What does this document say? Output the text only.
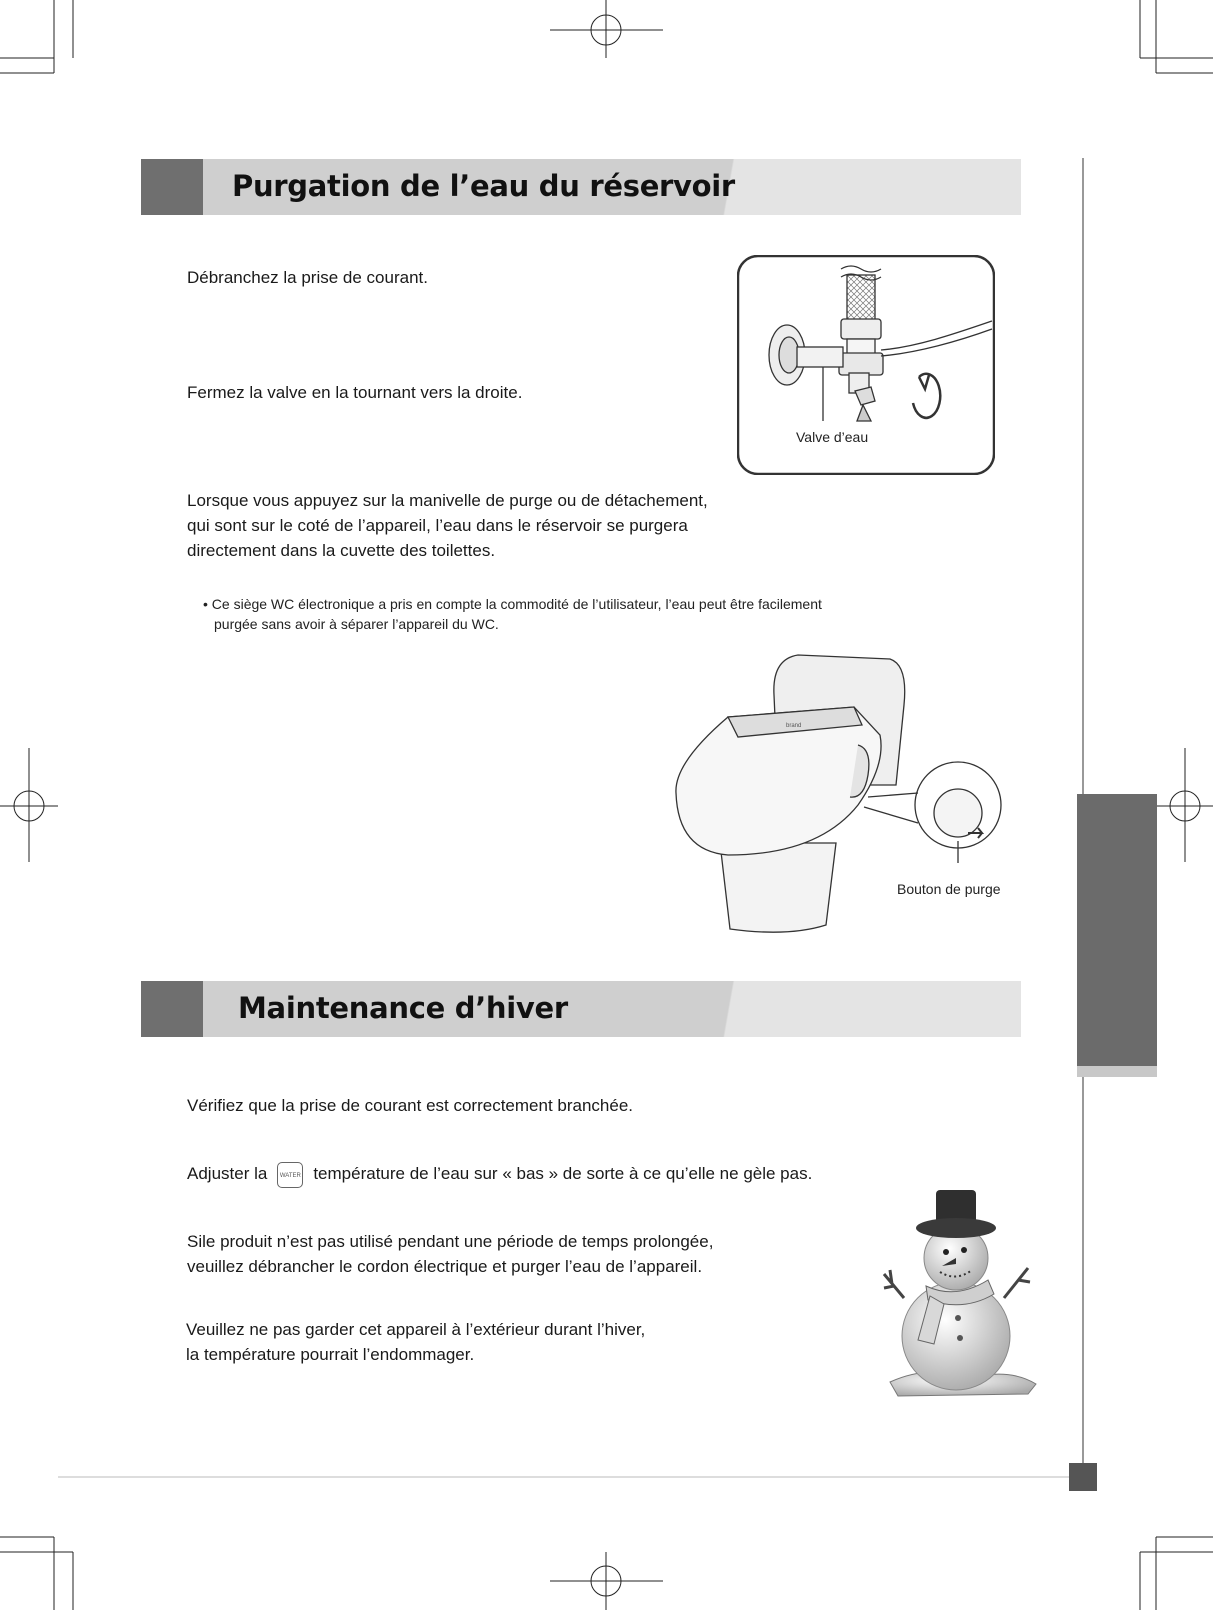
Purgation de l’eau du réservoir

Débranchez la prise de courant.

Fermez la valve en la tournant vers la droite.

Lorsque vous appuyez sur la manivelle de purge ou de détachement,
qui sont sur le coté de l’appareil, l’eau dans le réservoir se purgera
directement dans la cuvette des toilettes.
• Ce siège WC électronique a pris en compte la commodité de l’utilisateur, l’eau peut être facilement
purgée sans avoir à séparer l’appareil du WC.
Valve d’eau
brand
Bouton de purge
Maintenance d’hiver

Vérifiez que la prise de courant est correctement branchée.

Adjuster la WATER température de l’eau sur « bas » de sorte à ce qu’elle ne gèle pas.
Sile produit n’est pas utilisé pendant une période de temps prolongée,
veuillez débrancher le cordon électrique et purger l’eau de l’appareil.
Veuillez ne pas garder cet appareil à l’extérieur durant l’hiver,
la température pourrait l’endommager.
